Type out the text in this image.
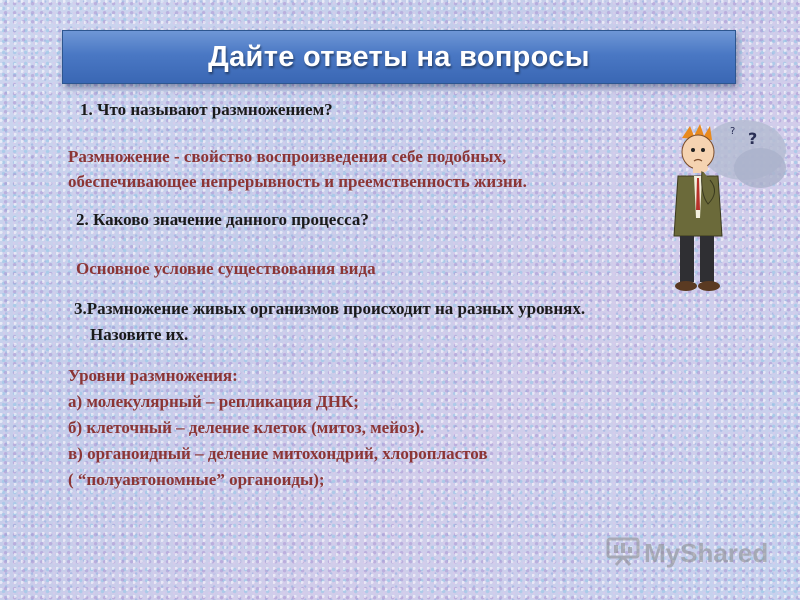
Дайте ответы на вопросы
1. Что называют размножением?
Размножение - свойство воспроизведения себе подобных,
обеспечивающее непрерывность и преемственность жизни.
2. Каково значение данного процесса?
Основное условие существования вида
3.Размножение живых организмов происходит на разных уровнях.
Назовите их.
Уровни размножения:
а) молекулярный – репликация ДНК;
б) клеточный – деление клеток (митоз, мейоз).
в) органоидный – деление митохондрий, хлоропластов
( “полуавтономные” органоиды);
?
?
MyShared
